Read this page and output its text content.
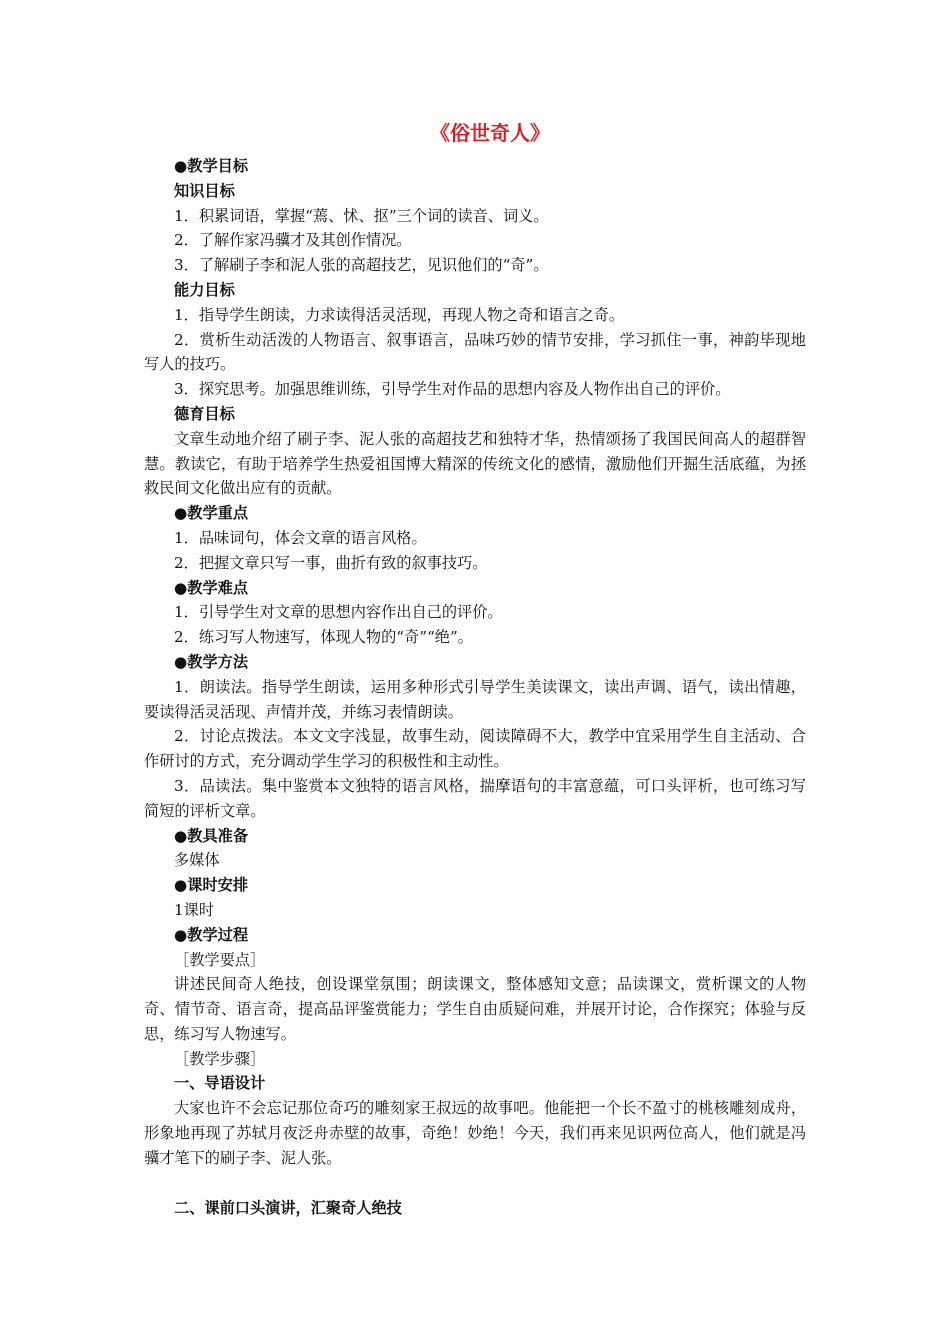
《俗世奇人》
● 教学目标
知识目标
1．积累词语，掌握“蔫、怵、抠”三个词的读音、词义。
2．了解作家冯骥才及其创作情况。
3．了解刷子李和泥人张的高超技艺，见识他们的“奇”。
能力目标
1．指导学生朗读，力求读得活灵活现，再现人物之奇和语言之奇。
2．赏析生动活泼的人物语言、叙事语言，品味巧妙的情节安排，学习抓住一事，神韵毕现地写人的技巧。
3．探究思考。加强思维训练，引导学生对作品的思想内容及人物作出自己的评价。
德育目标
文章生动地介绍了刷子李、泥人张的高超技艺和独特才华，热情颂扬了我国民间高人的超群智慧。教读它，有助于培养学生热爱祖国博大精深的传统文化的感情，激励他们开掘生活底蕴，为拯救民间文化做出应有的贡献。
● 教学重点
1．品味词句，体会文章的语言风格。
2．把握文章只写一事，曲折有致的叙事技巧。
● 教学难点
1．引导学生对文章的思想内容作出自己的评价。
2．练习写人物速写，体现人物的“奇”“绝”。
● 教学方法
1．朗读法。指导学生朗读，运用多种形式引导学生美读课文，读出声调、语气，读出情趣，要读得活灵活现、声情并茂，并练习表情朗读。
2．讨论点拨法。本文文字浅显，故事生动，阅读障碍不大，教学中宜采用学生自主活动、合作研讨的方式，充分调动学生学习的积极性和主动性。
3．品读法。集中鉴赏本文独特的语言风格，揣摩语句的丰富意蕴，可口头评析，也可练习写简短的评析文章。
● 教具准备
多媒体
● 课时安排
1课时
● 教学过程
［教学要点］
讲述民间奇人绝技，创设课堂氛围；朗读课文，整体感知文意；品读课文，赏析课文的人物奇、情节奇、语言奇，提高品评鉴赏能力；学生自由质疑问难，并展开讨论，合作探究；体验与反思，练习写人物速写。
［教学步骤］
一、导语设计
大家也许不会忘记那位奇巧的雕刻家王叔远的故事吧。他能把一个长不盈寸的桃核雕刻成舟，形象地再现了苏轼月夜泛舟赤壁的故事，奇绝！妙绝！今天，我们再来见识两位高人，他们就是冯骥才笔下的刷子李、泥人张。
二、课前口头演讲，汇聚奇人绝技
